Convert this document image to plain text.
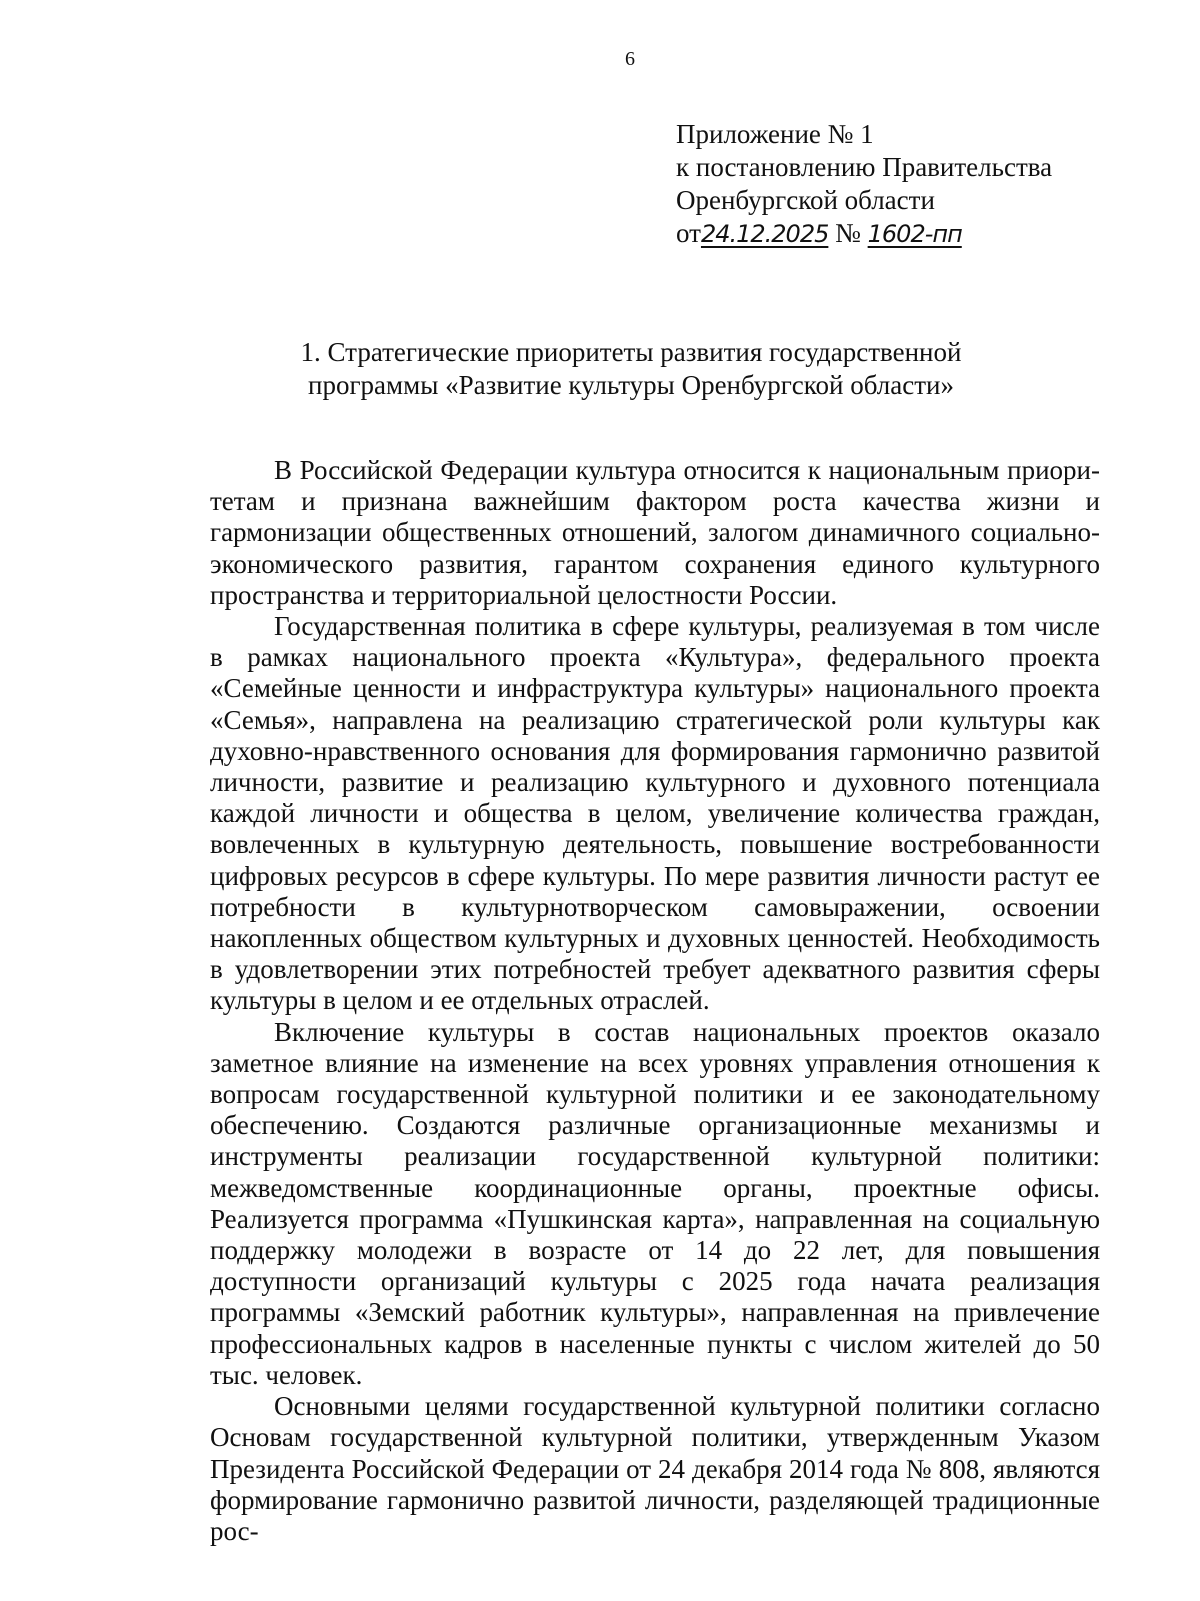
6
Приложение № 1
к постановлению Правительства
Оренбургской области
от24.12.2025 № 1602-пп
1. Стратегические приоритеты развития государственной
программы «Развитие культуры Оренбургской области»

В Российской Федерации культура относится к национальным приоритетам и признана важнейшим фактором роста качества жизни и гармонизации общественных отношений, залогом динамичного социально-экономического развития, гарантом сохранения единого культурного пространства и территориальной целостности России.

Государственная политика в сфере культуры, реализуемая в том числе в рамках национального проекта «Культура», федерального проекта «Семейные ценности и инфраструктура культуры» национального проекта «Семья», направлена на реализацию стратегической роли культуры как духовно-нравственного основания для формирования гармонично развитой личности, развитие и реализацию культурного и духовного потенциала каждой личности и общества в целом, увеличение количества граждан, вовлеченных в культурную деятельность, повышение востребованности цифровых ресурсов в сфере культуры. По мере развития личности растут ее потребности в культурнотворческом самовыражении, освоении накопленных обществом культурных и духовных ценностей. Необходимость в удовлетворении этих потребностей требует адекватного развития сферы культуры в целом и ее отдельных отраслей.

Включение культуры в состав национальных проектов оказало заметное влияние на изменение на всех уровнях управления отношения к вопросам государственной культурной политики и ее законодательному обеспечению. Создаются различные организационные механизмы и инструменты реализации государственной культурной политики: межведомственные координационные органы, проектные офисы. Реализуется программа «Пушкинская карта», направленная на социальную поддержку молодежи в возрасте от 14 до 22 лет, для повышения доступности организаций культуры с 2025 года начата реализация программы «Земский работник культуры», направленная на привлечение профессиональных кадров в населенные пункты с числом жителей до 50 тыс. человек.

Основными целями государственной культурной политики согласно Основам государственной культурной политики, утвержденным Указом Президента Российской Федерации от 24 декабря 2014 года № 808, являются формирование гармонично развитой личности, разделяющей традиционные рос-
